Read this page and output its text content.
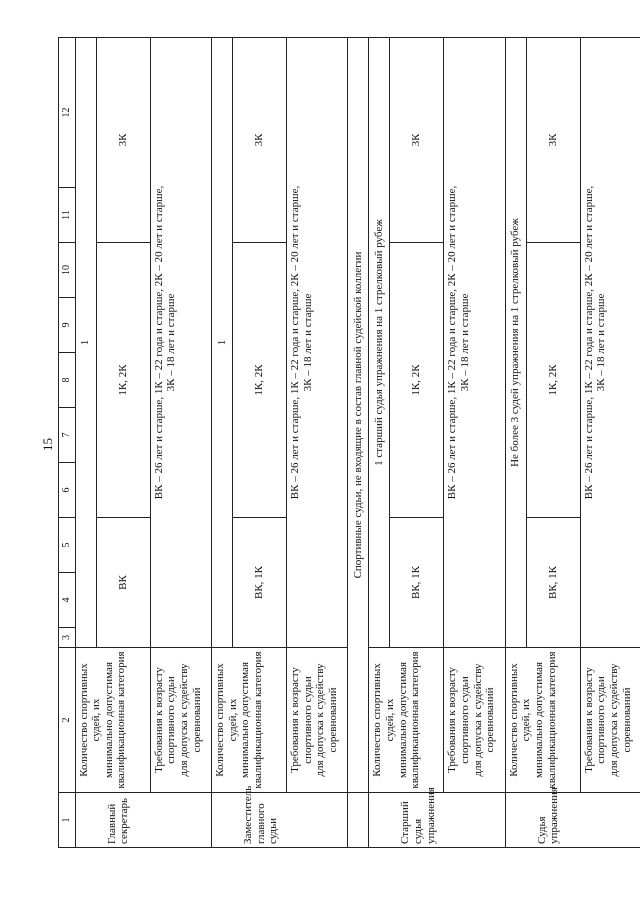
15
1	2	3	4	5	6	7	8	9	10	11	12

Главный секретарь	Количество спортивных судей, их минимально допустимая квалификационная категория	1									
		ВК			1К, 2К					3К	

	Требования к возрасту спортивного судьи для допуска к судейству соревнований	ВК – 26 лет и старше, 1К – 22 года и старше, 2К – 20 лет и старше, 3К – 18 лет и старше									

Заместитель главного судьи	Количество спортивных судей, их минимально допустимая квалификационная категория	1									
		ВК, 1К			1К, 2К					3К	

	Требования к возрасту спортивного судьи для допуска к судейству соревнований	ВК – 26 лет и старше, 1К – 22 года и старше, 2К – 20 лет и старше, 3К – 18 лет и старше									

	Спортивные судьи, не входящие в состав главной судейской коллегии										

Старший судья упражнения	Количество спортивных судей, их минимально допустимая квалификационная категория	1 старший судья упражнения на 1 стрелковый рубеж									
		ВК, 1К			1К, 2К					3К	

	Требования к возрасту спортивного судьи для допуска к судейству соревнований	ВК – 26 лет и старше, 1К – 22 года и старше, 2К – 20 лет и старше, 3К – 18 лет и старше									

Судья упражнения	Количество спортивных судей, их минимально допустимая квалификационная категория	Не более 3 судей упражнения на 1 стрелковый рубеж									
		ВК, 1К			1К, 2К					3К	

	Требования к возрасту спортивного судьи для допуска к судейству соревнований	ВК – 26 лет и старше, 1К – 22 года и старше, 2К – 20 лет и старше, 3К – 18 лет и старше									
